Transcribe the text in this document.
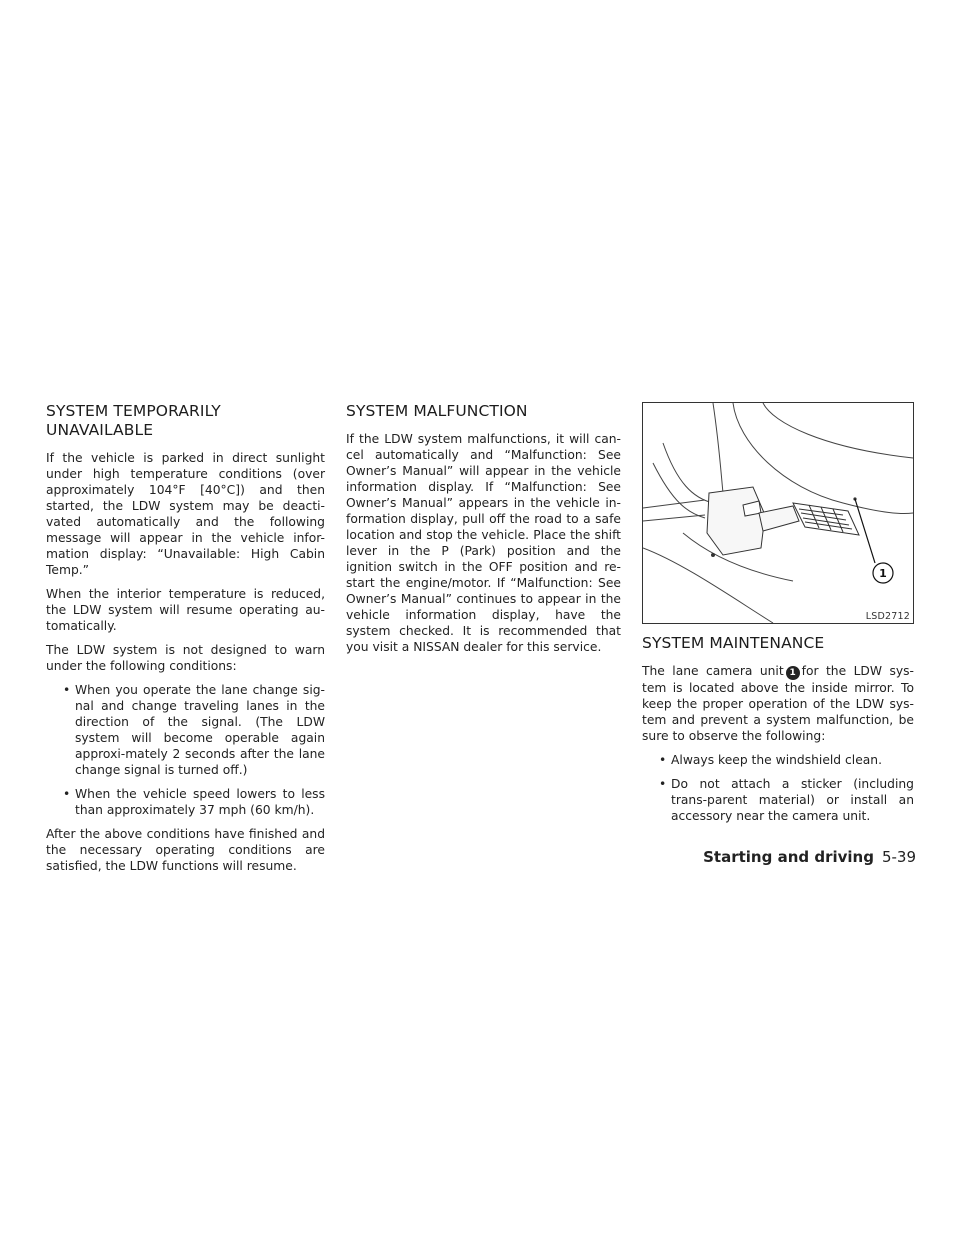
SYSTEM TEMPORARILY
UNAVAILABLE

If the vehicle is parked in direct sunlight under high temperature conditions (over approximately 104°F [40°C]) and then started, the LDW system may be deacti-vated automatically and the following message will appear in the vehicle infor-mation display: “Unavailable: High Cabin Temp.”

When the interior temperature is reduced, the LDW system will resume operating au-tomatically.

The LDW system is not designed to warn under the following conditions:

• When you operate the lane change sig-nal and change traveling lanes in the direction of the signal. (The LDW system will become operable again approxi-mately 2 seconds after the lane change signal is turned off.)
• When the vehicle speed lowers to less than approximately 37 mph (60 km/h).

After the above conditions have finished and the necessary operating conditions are satisfied, the LDW functions will resume.

SYSTEM MALFUNCTION

If the LDW system malfunctions, it will can-cel automatically and “Malfunction: See Owner’s Manual” will appear in the vehicle information display. If “Malfunction: See Owner’s Manual” appears in the vehicle in-formation display, pull off the road to a safe location and stop the vehicle. Place the shift lever in the P (Park) position and the ignition switch in the OFF position and re-start the engine/motor. If “Malfunction: See Owner’s Manual” continues to appear in the vehicle information display, have the system checked. It is recommended that you visit a NISSAN dealer for this service.

1
LSD2712
SYSTEM MAINTENANCE

The lane camera unit 1 for the LDW sys-tem is located above the inside mirror. To keep the proper operation of the LDW sys-tem and prevent a system malfunction, be sure to observe the following:

• Always keep the windshield clean.
• Do not attach a sticker (including trans-parent material) or install an accessory near the camera unit.
Starting and driving 5-39
